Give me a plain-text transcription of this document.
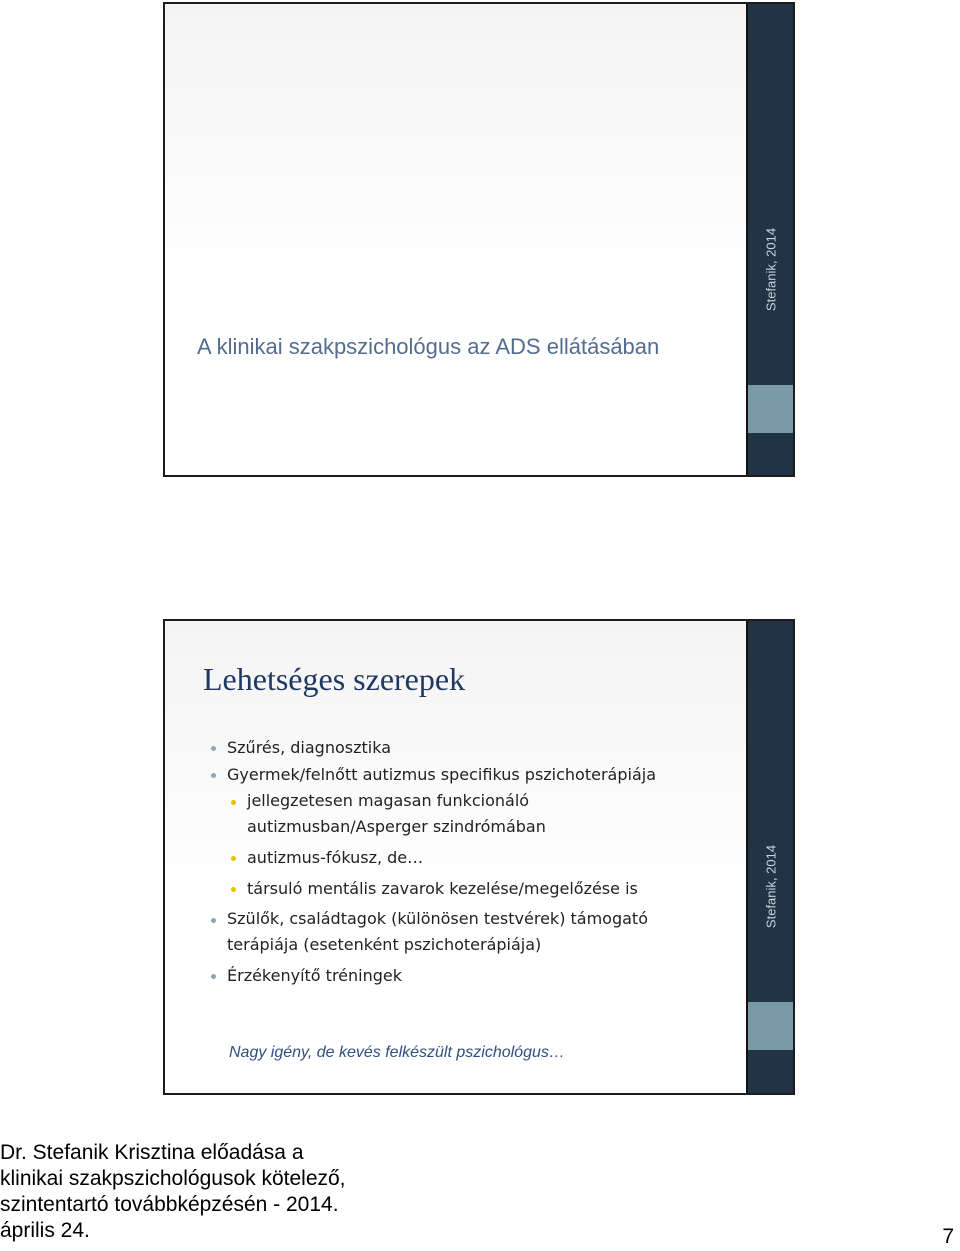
A klinikai szakpszichológus az ADS ellátásában
Stefanik, 2014
Lehetséges szerepek
Szűrés, diagnosztika
Gyermek/felnőtt autizmus specifikus pszichoterápiája
jellegzetesen magasan funkcionáló autizmusban/Asperger szindrómában
autizmus-fókusz, de…
társuló mentális zavarok kezelése/megelőzése is
Szülők, családtagok (különösen testvérek) támogató terápiája (esetenként pszichoterápiája)
Érzékenyítő tréningek
Nagy igény, de kevés felkészült pszichológus…
Stefanik, 2014
Dr. Stefanik Krisztina előadása a
klinikai szakpszichológusok kötelező,
szintentartó továbbképzésén - 2014.
április 24.	7
